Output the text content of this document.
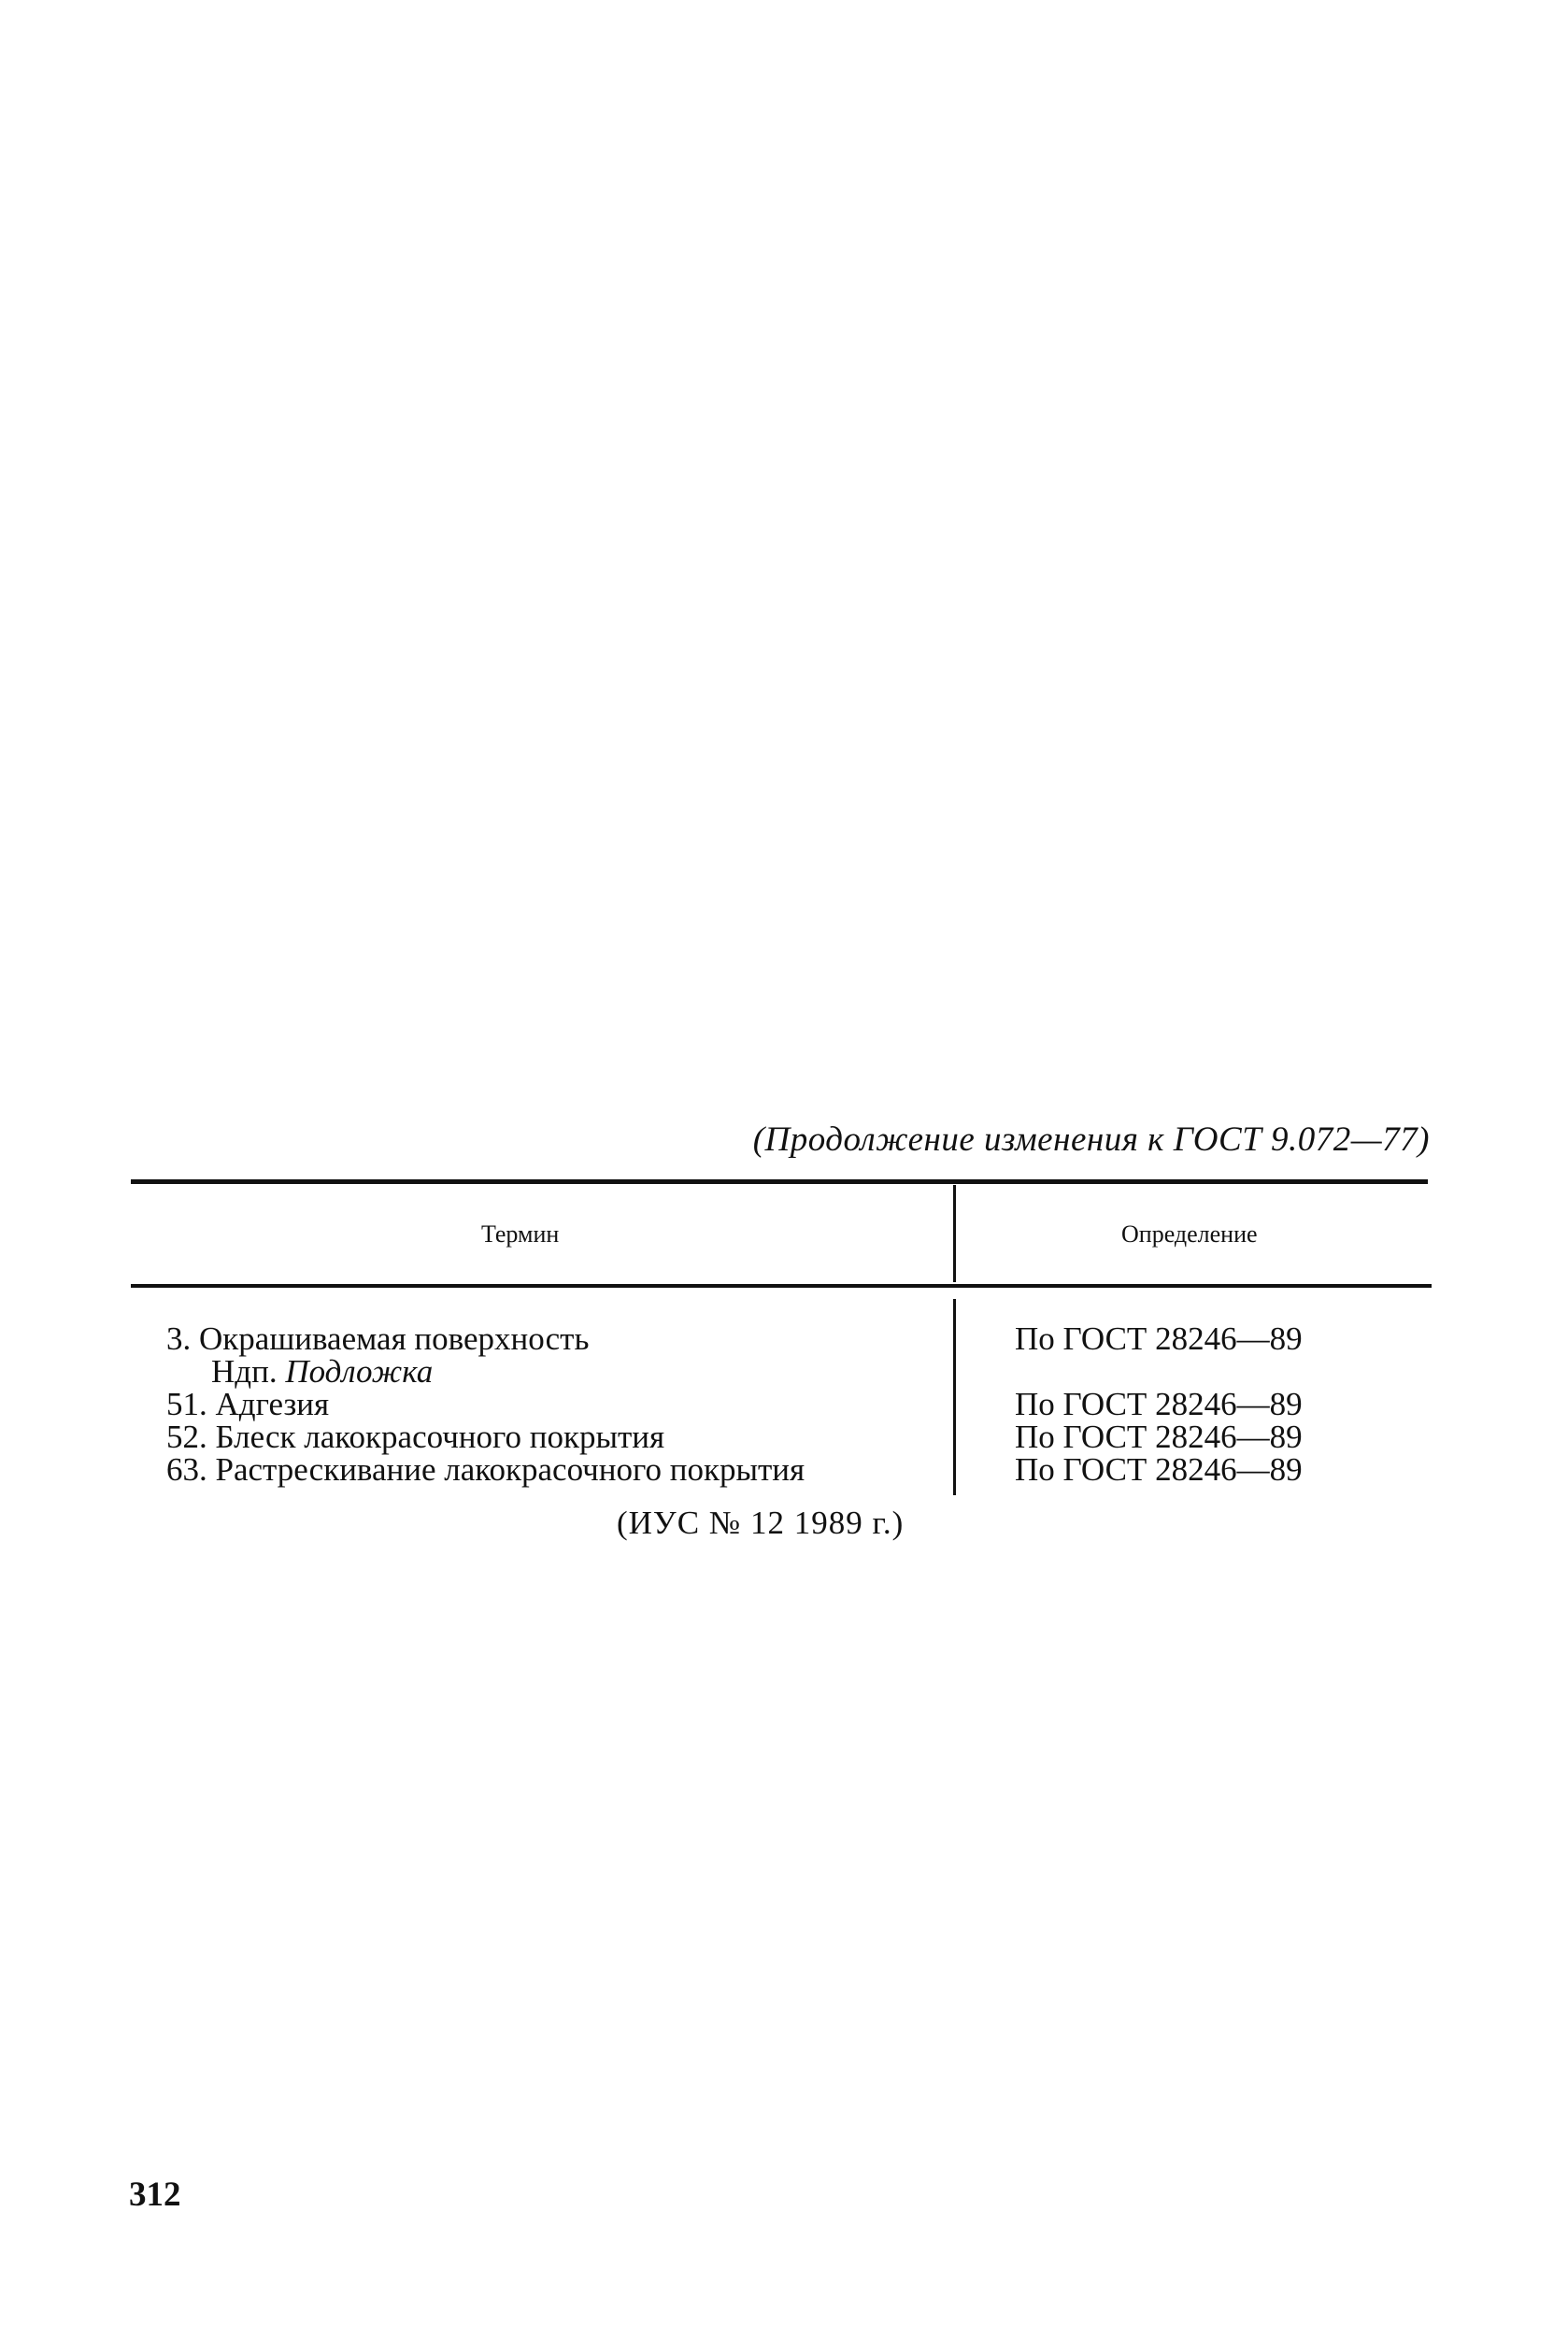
(Продолжение изменения к ГОСТ 9.072—77)
Термин	Определение
3. Окрашиваемая поверхность
Ндп. Подложка
51. Адгезия
52. Блеск лакокрасочного покрытия
63. Растрескивание лакокрасочного покрытия
По ГОСТ 28246—89
По ГОСТ 28246—89
По ГОСТ 28246—89
По ГОСТ 28246—89
(ИУС № 12 1989 г.)
312
